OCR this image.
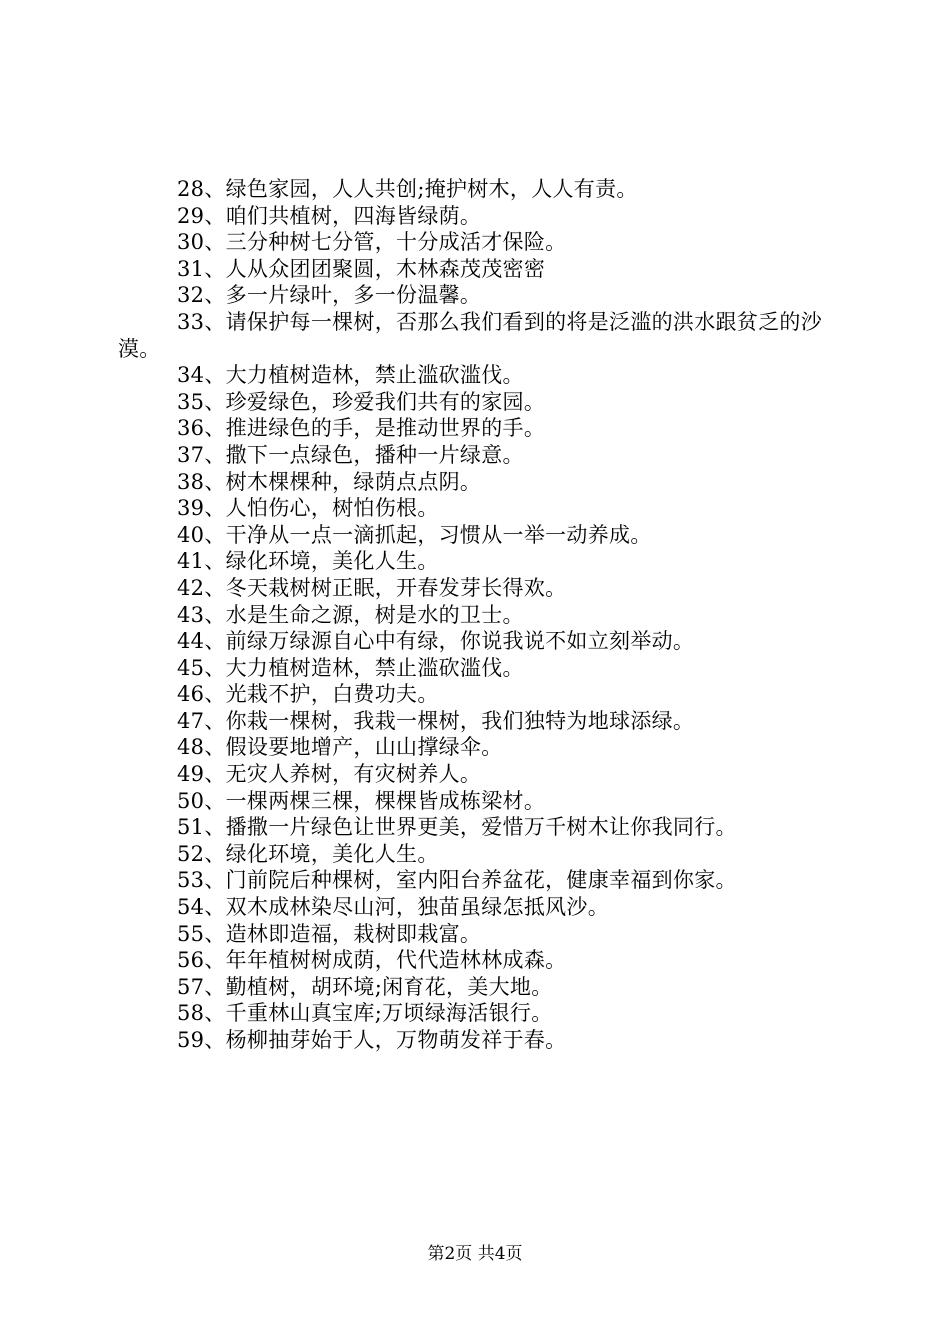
28、绿色家园，人人共创;掩护树木，人人有责。

29、咱们共植树，四海皆绿荫。

30、三分种树七分管，十分成活才保险。

31、人从众团团聚圆，木林森茂茂密密

32、多一片绿叶，多一份温馨。

33、请保护每一棵树，否那么我们看到的将是泛滥的洪水跟贫乏的沙漠。

34、大力植树造林，禁止滥砍滥伐。

35、珍爱绿色，珍爱我们共有的家园。

36、推进绿色的手，是推动世界的手。

37、撒下一点绿色，播种一片绿意。

38、树木棵棵种，绿荫点点阴。

39、人怕伤心，树怕伤根。

40、干净从一点一滴抓起，习惯从一举一动养成。

41、绿化环境，美化人生。

42、冬天栽树树正眠，开春发芽长得欢。

43、水是生命之源，树是水的卫士。

44、前绿万绿源自心中有绿，你说我说不如立刻举动。

45、大力植树造林，禁止滥砍滥伐。

46、光栽不护，白费功夫。

47、你栽一棵树，我栽一棵树，我们独特为地球添绿。

48、假设要地增产，山山撑绿伞。

49、无灾人养树，有灾树养人。

50、一棵两棵三棵，棵棵皆成栋梁材。

51、播撒一片绿色让世界更美，爱惜万千树木让你我同行。

52、绿化环境，美化人生。

53、门前院后种棵树，室内阳台养盆花，健康幸福到你家。

54、双木成林染尽山河，独苗虽绿怎抵风沙。

55、造林即造福，栽树即栽富。

56、年年植树树成荫，代代造林林成森。

57、勤植树，胡环境;闲育花，美大地。

58、千重林山真宝库;万顷绿海活银行。

59、杨柳抽芽始于人，万物萌发祥于春。

第2页 共4页
